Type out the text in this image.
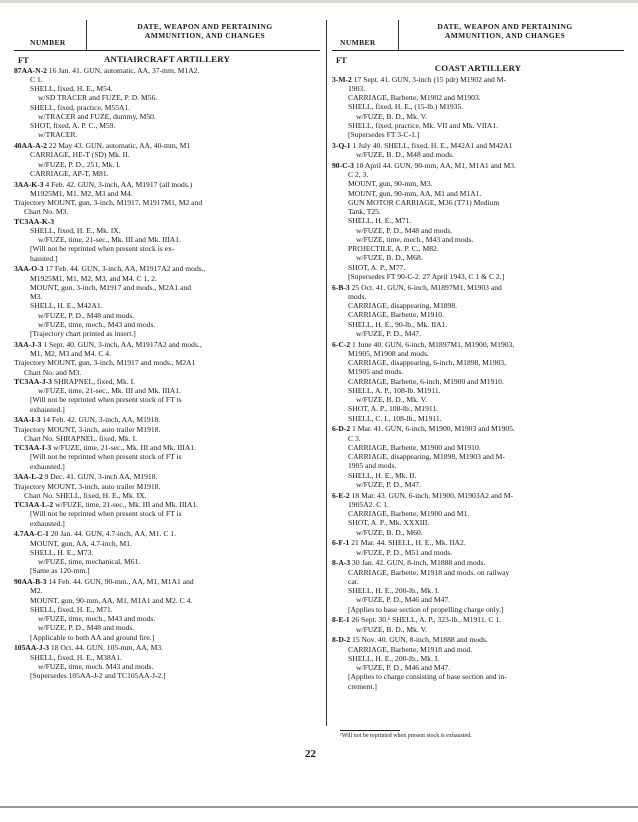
NUMBER
DATE, WEAPON AND PERTAINING
AMMUNITION, AND CHANGES
NUMBER
DATE, WEAPON AND PERTAINING
AMMUNITION, AND CHANGES
FT	ANTIAIRCRAFT ARTILLERY
87AA-N-2 16 Jan. 41. GUN, automatic, AA, 37-mm, M1A2.
C 1.
SHELL, fixed, H. E., M54.
w/SD TRACER and FUZE, P. D. M56.
SHELL, fixed, practice, M55A1.
w/TRACER and FUZE, dummy, M50.
SHOT, fixed, A. P. C., M59.
w/TRACER.
40AA-A-2 22 May 43. GUN, automatic, AA, 40-mm, M1
CARRIAGE, HE-T (SD) Mk. II.
w/FUZE, P. D., 251, Mk. I.
CARRIAGE, AP-T, M81.
3AA-K-3 4 Feb. 42. GUN, 3-inch, AA, M1917 (all mods.)
M1925M1, M1, M2, M3 and M4.
Trajectory MOUNT, gun, 3-inch, M1917, M1917M1, M2 and
Chart No. M3.
TC3AA-K-3
SHELL, fixed, H. E., Mk. IX.
w/FUZE, time, 21-sec., Mk. III and Mk. IIIA1.
[Will not be reprinted when present stock is ex-
hausted.]
3AA-O-3 17 Feb. 44. GUN, 3-inch, AA, M1917A2 and mods.,
M1925M1, M1, M2, M3, and M4. C 1, 2.
MOUNT, gun, 3-inch, M1917 and mods., M2A1 and
M3.
SHELL, H. E., M42A1.
w/FUZE, P. D., M48 and mods.
w/FUZE, time, mech., M43 and mods.
[Trajectory chart printed as insert.]
3AA-J-3 1 Sept. 40. GUN, 3-inch, AA, M1917A2 and mods.,
M1, M2, M3 and M4. C 4.
Trajectory MOUNT, gun, 3-inch, M1917 and mods., M2A1
Chart No. and M3.
TC3AA-J-3 SHRAPNEL, fixed, Mk. I.
w/FUZE, time, 21-sec., Mk. III and Mk. IIIA1.
[Will not be reprinted when present stock of FT is
exhausted.]
3AA-I-3 14 Feb. 42. GUN, 3-inch, AA, M1918.
Trajectory MOUNT, 3-inch, auto trailer M1918.
Chart No. SHRAPNEL, fixed, Mk. I.
TC3AA-I-3 w/FUZE, time, 21-sec., Mk. III and Mk. IIIA1.
[Will not be reprinted when present stock of FT is
exhausted.]
3AA-L-2 9 Dec. 41. GUN, 3-inch AA, M1918.
Trajectory MOUNT, 3-inch, auto trailer M1918.
Chart No. SHELL, fixed, H. E., Mk. IX.
TC3AA-L-2 w/FUZE, time, 21-sec., Mk. III and Mk. IIIA1.
[Will not be reprinted when present stock of FT is
exhausted.]
4.7AA-C-1 20 Jan. 44. GUN, 4.7-inch, AA, M1. C 1.
MOUNT, gun, AA, 4.7-inch, M1.
SHELL, H. E., M73.
w/FUZE, time, mechanical, M61.
[Same as 120-mm.]
90AA-B-3 14 Feb. 44. GUN, 90-mm., AA, M1, M1A1 and
M2.
MOUNT, gun, 90-mm, AA, M1, M1A1 and M2. C 4.
SHELL, fixed, H. E., M71.
w/FUZE, time, mech., M43 and mods.
w/FUZE, P. D., M48 and mods.
[Applicable to both AA and ground fire.]
105AA-J-3 18 Oct. 44. GUN, 105-mm, AA, M3.
SHELL, fixed, H. E., M38A1.
w/FUZE, time, mech. M43 and mods.
[Supersedes 105AA-J-2 and TC105AA-J-2.]
FT
COAST ARTILLERY
3-M-2 17 Sept. 41. GUN, 3-inch (15 pdr) M1902 and M-
1903.
CARRIAGE, Barbette, M1902 and M1903.
SHELL, fixed, H. E., (15-lb.) M1935.
w/FUZE, B. D., Mk. V.
SHELL, fixed, practice, Mk. VII and Mk. VIIA1.
[Supersedes FT 3-C-1.]
3-Q-1 1 July 40. SHELL, fixed, H. E., M42A1 and M42A1
w/FUZE, B. D., M48 and mods.
90-C-3 10 April 44. GUN, 90-mm, AA, M1, M1A1 and M3.
C 2, 3.
MOUNT, gun, 90-mm, M3.
MOUNT, gun, 90-mm, AA, M1 and M1A1.
GUN MOTOR CARRIAGE, M36 (T71) Medium
Tank, T25.
SHELL, H. E., M71.
w/FUZE, P. D., M48 and mods.
w/FUZE, time, mech., M43 and mods.
PROJECTILE, A. P. C., M82.
w/FUZE, B. D., M68.
SHOT, A. P., M77.
[Supersedes FT 90-C-2. 27 April 1943, C 1 & C 2.]
6-B-3 25 Oct. 41. GUN, 6-inch, M1897M1, M1903 and
mods.
CARRIAGE, disappearing, M1898.
CARRIAGE, Barbette, M1910.
SHELL, H. E., 90-lb., Mk. IIA1.
w/FUZE, P. D., M47.
6-C-2 1 June 40. GUN, 6-inch, M1897M1, M1900, M1903,
M1905, M1908 and mods.
CARRIAGE, disappearing, 6-inch, M1898, M1903,
M1905 and mods.
CARRIAGE, Barbette, 6-inch, M1900 and M1910.
SHELL, A. P., 108-lb. M1911.
w/FUZE, B. D., Mk. V.
SHOT, A. P., 108-lb., M1911.
SHELL, C. I., 108-lb., M1911.
6-D-2 1 Mar. 41. GUN, 6-inch, M1900, M1903 and M1905.
C 3.
CARRIAGE, Barbette, M1900 and M1910.
CARRIAGE, disappearing, M1898, M1903 and M-
1905 and mods.
SHELL, H. E., Mk. II.
w/FUZE, P. D., M47.
6-E-2 18 Mar. 43. GUN, 6-inch, M1900, M1903A2 and M-
1905A2. C 1.
CARRIAGE, Barbette, M1900 and M1.
SHOT, A. P., Mk. XXXIII.
w/FUZE, B. D., M60.
6-F-1 21 Mar. 44. SHELL, H. E., Mk. IIA2.
w/FUZE, P. D., M51 and mods.
8-A-3 30 Jan. 42. GUN, 8-inch, M1888 and mods.
CARRIAGE, Barbette, M1918 and mods. on railway
car.
SHELL, H. E., 200-lb., Mk. I.
w/FUZE, P. D., M46 and M47.
[Applies to base section of propelling charge only.]
8-E-1 26 Sept. 30.¹ SHELL, A. P., 323-lb., M1911. C 1.
w/FUZE, B. D., Mk. V.
8-D-2 15 Nov. 40. GUN, 8-inch, M1888 and mods.
CARRIAGE, Barbette, M1918 and mod.
SHELL, H. E., 200-lb., Mk. I.
w/FUZE, P. D., M46 and M47.
[Applies to charge consisting of base section and in-
crement.]
¹Will not be reprinted when present stock is exhausted.
22
